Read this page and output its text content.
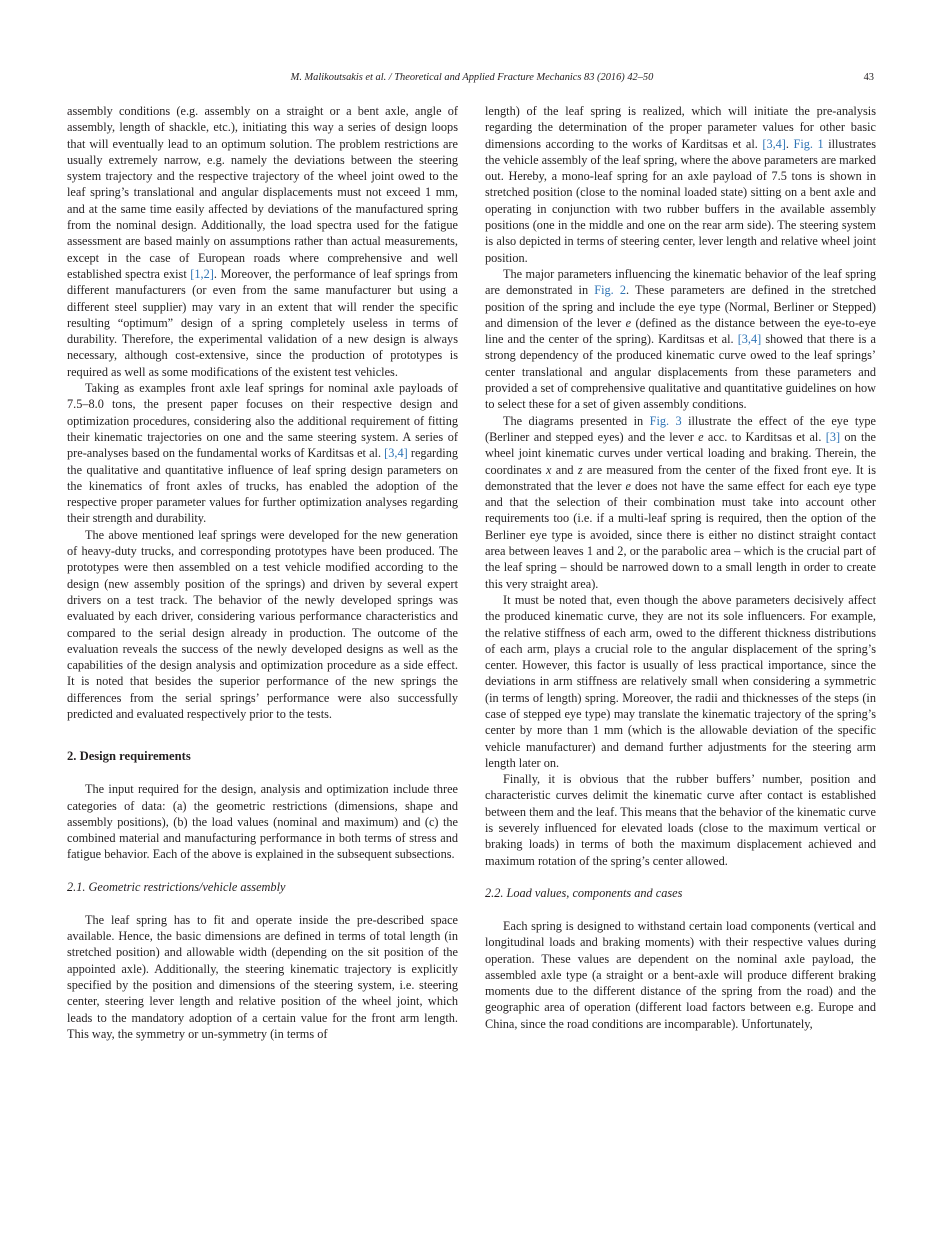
M. Malikoutsakis et al. / Theoretical and Applied Fracture Mechanics 83 (2016) 42–50	43

assembly conditions (e.g. assembly on a straight or a bent axle, angle of assembly, length of shackle, etc.), initiating this way a series of design loops that will eventually lead to an optimum solution. The problem restrictions are usually extremely narrow, e.g. namely the deviations between the steering system trajectory and the respective trajectory of the wheel joint owed to the leaf spring’s translational and angular displacements must not exceed 1 mm, and at the same time easily affected by deviations of the manufactured spring from the nominal design. Additionally, the load spectra used for the fatigue assessment are based mainly on assumptions rather than actual measurements, except in the case of European roads where comprehensive and well established spectra exist [1,2]. Moreover, the performance of leaf springs from different manufacturers (or even from the same manufacturer but using a different steel supplier) may vary in an extent that will render the specific resulting “optimum” design of a spring completely useless in terms of durability. Therefore, the experimental validation of a new design is always necessary, although cost-extensive, since the production of prototypes is required as well as some modifications of the existent test vehicles.

Taking as examples front axle leaf springs for nominal axle payloads of 7.5–8.0 tons, the present paper focuses on their respective design and optimization procedures, considering also the additional requirement of fitting their kinematic trajectories on one and the same steering system. A series of pre-analyses based on the fundamental works of Karditsas et al. [3,4] regarding the qualitative and quantitative influence of leaf spring design parameters on the kinematics of front axles of trucks, has enabled the adoption of the respective proper parameter values for further optimization analyses regarding their strength and durability.

The above mentioned leaf springs were developed for the new generation of heavy-duty trucks, and corresponding prototypes have been produced. The prototypes were then assembled on a test vehicle modified according to the design (new assembly position of the springs) and driven by several expert drivers on a test track. The behavior of the newly developed springs was evaluated by each driver, considering various performance characteristics and compared to the serial design already in production. The outcome of the evaluation reveals the success of the newly developed designs as well as the capabilities of the design analysis and optimization procedure as a side effect. It is noted that besides the superior performance of the new springs the differences from the serial springs’ performance were also successfully predicted and evaluated respectively prior to the tests.

2. Design requirements

The input required for the design, analysis and optimization include three categories of data: (a) the geometric restrictions (dimensions, shape and assembly positions), (b) the load values (nominal and maximum) and (c) the combined material and manufacturing performance in both terms of stress and fatigue behavior. Each of the above is explained in the subsequent subsections.

2.1. Geometric restrictions/vehicle assembly

The leaf spring has to fit and operate inside the pre-described space available. Hence, the basic dimensions are defined in terms of total length (in stretched position) and allowable width (depending on the sit position of the appointed axle). Additionally, the steering kinematic trajectory is explicitly specified by the position and dimensions of the steering system, i.e. steering center, steering lever length and relative position of the wheel joint, which leads to the mandatory adoption of a certain value for the front arm length. This way, the symmetry or un-symmetry (in terms of

length) of the leaf spring is realized, which will initiate the pre-analysis regarding the determination of the proper parameter values for other basic dimensions according to the works of Karditsas et al. [3,4]. Fig. 1 illustrates the vehicle assembly of the leaf spring, where the above parameters are marked out. Hereby, a mono-leaf spring for an axle payload of 7.5 tons is shown in stretched position (close to the nominal loaded state) sitting on a bent axle and operating in conjunction with two rubber buffers in the available assembly positions (one in the middle and one on the rear arm side). The steering system is also depicted in terms of steering center, lever length and relative wheel joint position.

The major parameters influencing the kinematic behavior of the leaf spring are demonstrated in Fig. 2. These parameters are defined in the stretched position of the spring and include the eye type (Normal, Berliner or Stepped) and dimension of the lever e (defined as the distance between the eye-to-eye line and the center of the spring). Karditsas et al. [3,4] showed that there is a strong dependency of the produced kinematic curve owed to the leaf springs’ center translational and angular displacements from these parameters and provided a set of comprehensive qualitative and quantitative guidelines on how to select these for a set of given assembly conditions.

The diagrams presented in Fig. 3 illustrate the effect of the eye type (Berliner and stepped eyes) and the lever e acc. to Karditsas et al. [3] on the wheel joint kinematic curves under vertical loading and braking. Therein, the coordinates x and z are measured from the center of the fixed front eye. It is demonstrated that the lever e does not have the same effect for each eye type and that the selection of their combination must take into account other requirements too (i.e. if a multi-leaf spring is required, then the option of the Berliner eye type is avoided, since there is either no distinct straight contact area between leaves 1 and 2, or the parabolic area – which is the crucial part of the leaf spring – should be narrowed down to a small length in order to create this very straight area).

It must be noted that, even though the above parameters decisively affect the produced kinematic curve, they are not its sole influencers. For example, the relative stiffness of each arm, owed to the different thickness distributions of each arm, plays a crucial role to the angular displacement of the spring’s center. However, this factor is usually of less practical importance, since the deviations in arm stiffness are relatively small when considering a symmetric (in terms of length) spring. Moreover, the radii and thicknesses of the steps (in case of stepped eye type) may translate the kinematic trajectory of the spring’s center by more than 1 mm (which is the allowable deviation of the specific vehicle manufacturer) and demand further adjustments for the steering arm length later on.

Finally, it is obvious that the rubber buffers’ number, position and characteristic curves delimit the kinematic curve after contact is established between them and the leaf. This means that the behavior of the kinematic curve is severely influenced for elevated loads (close to the maximum vertical or braking loads) in terms of both the maximum displacement achieved and maximum rotation of the spring’s center allowed.

2.2. Load values, components and cases

Each spring is designed to withstand certain load components (vertical and longitudinal loads and braking moments) with their respective values during operation. These values are dependent on the nominal axle payload, the assembled axle type (a straight or a bent-axle will produce different braking moments due to the different distance of the spring from the road) and the geographic area of operation (different load factors between e.g. Europe and China, since the road conditions are incomparable). Unfortunately,
